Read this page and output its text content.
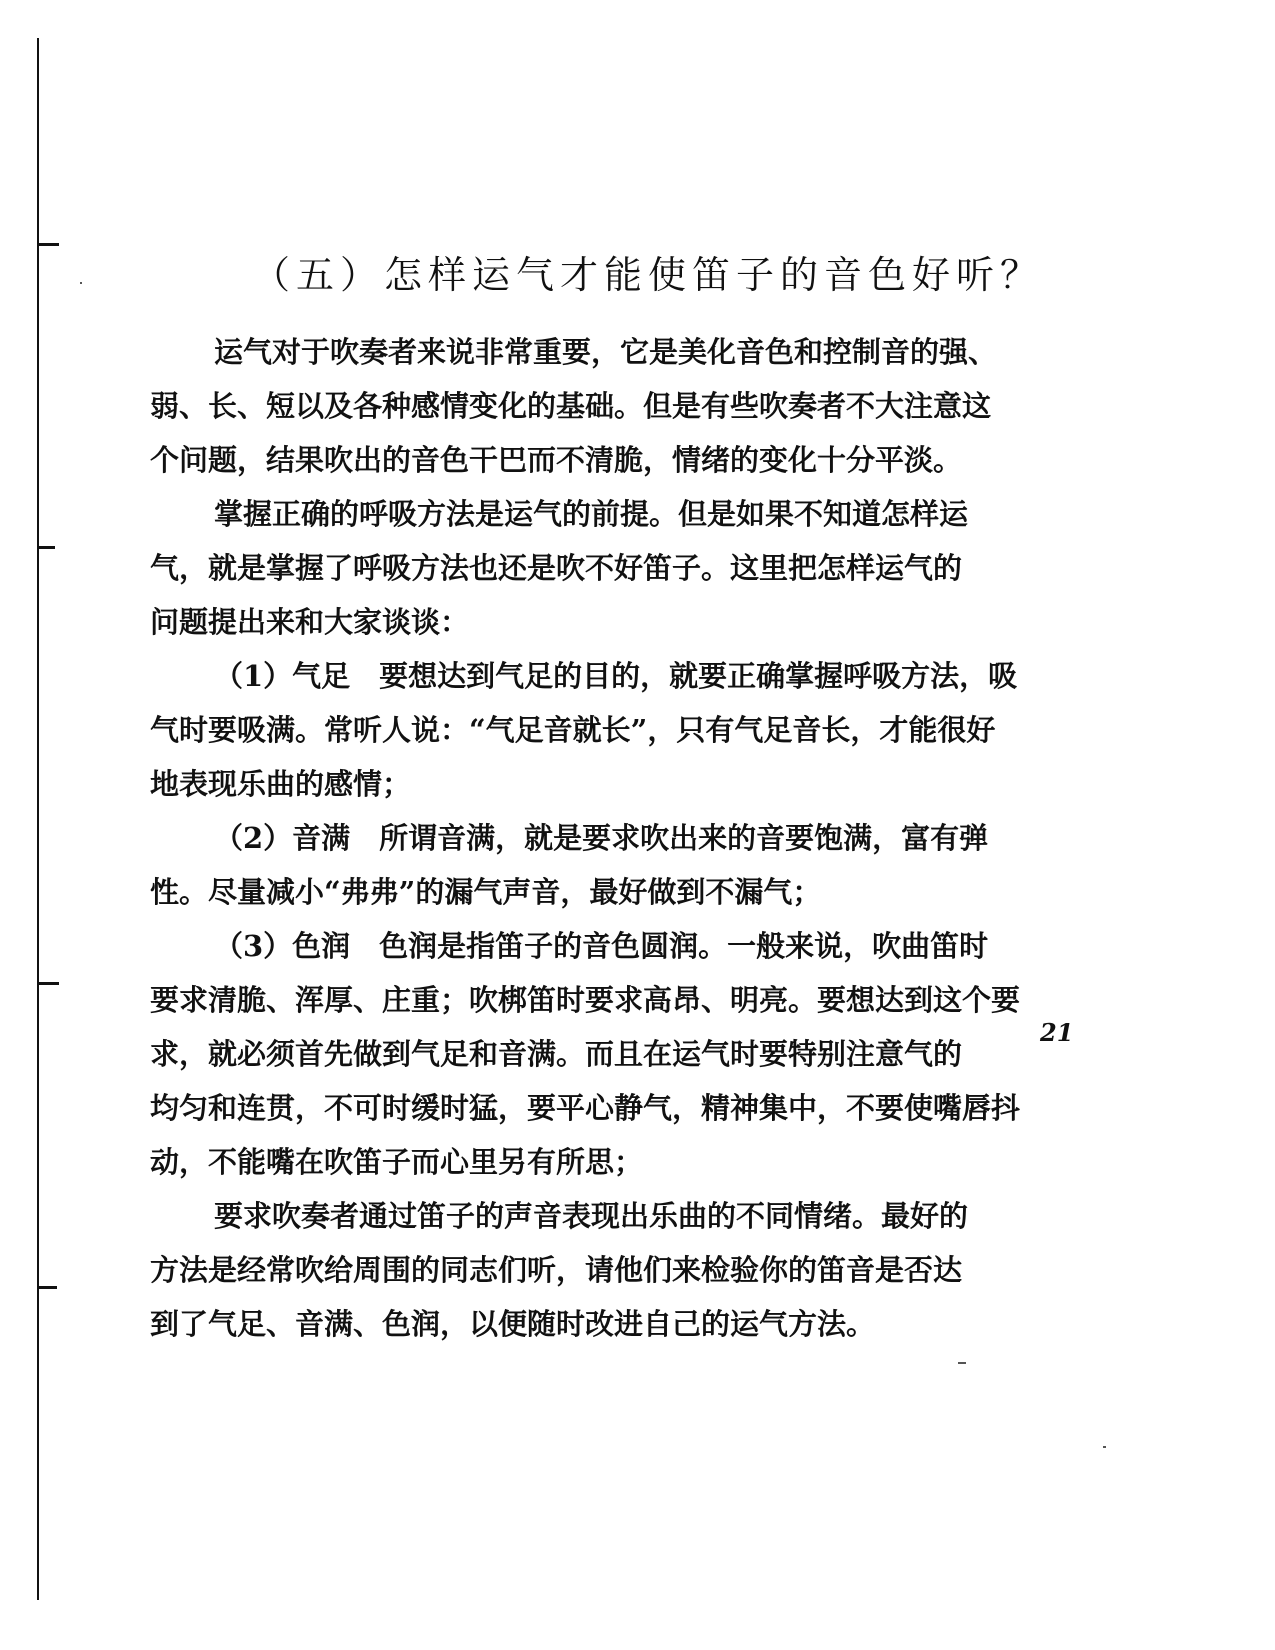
（五）怎样运气才能使笛子的音色好听？

运气对于吹奏者来说非常重要，它是美化音色和控制音的强、

弱、长、短以及各种感情变化的基础。但是有些吹奏者不大注意这

个问题，结果吹出的音色干巴而不清脆，情绪的变化十分平淡。

掌握正确的呼吸方法是运气的前提。但是如果不知道怎样运

气，就是掌握了呼吸方法也还是吹不好笛子。这里把怎样运气的

问题提出来和大家谈谈：

（1）气足　要想达到气足的目的，就要正确掌握呼吸方法，吸

气时要吸满。常听人说：“气足音就长”，只有气足音长，才能很好

地表现乐曲的感情；

（2）音满　所谓音满，就是要求吹出来的音要饱满，富有弹

性。尽量减小“弗弗”的漏气声音，最好做到不漏气；

（3）色润　色润是指笛子的音色圆润。一般来说，吹曲笛时

要求清脆、浑厚、庄重；吹梆笛时要求高昂、明亮。要想达到这个要

求，就必须首先做到气足和音满。而且在运气时要特别注意气的

均匀和连贯，不可时缓时猛，要平心静气，精神集中，不要使嘴唇抖

动，不能嘴在吹笛子而心里另有所思；

要求吹奏者通过笛子的声音表现出乐曲的不同情绪。最好的

方法是经常吹给周围的同志们听，请他们来检验你的笛音是否达

到了气足、音满、色润，以便随时改进自己的运气方法。

21
